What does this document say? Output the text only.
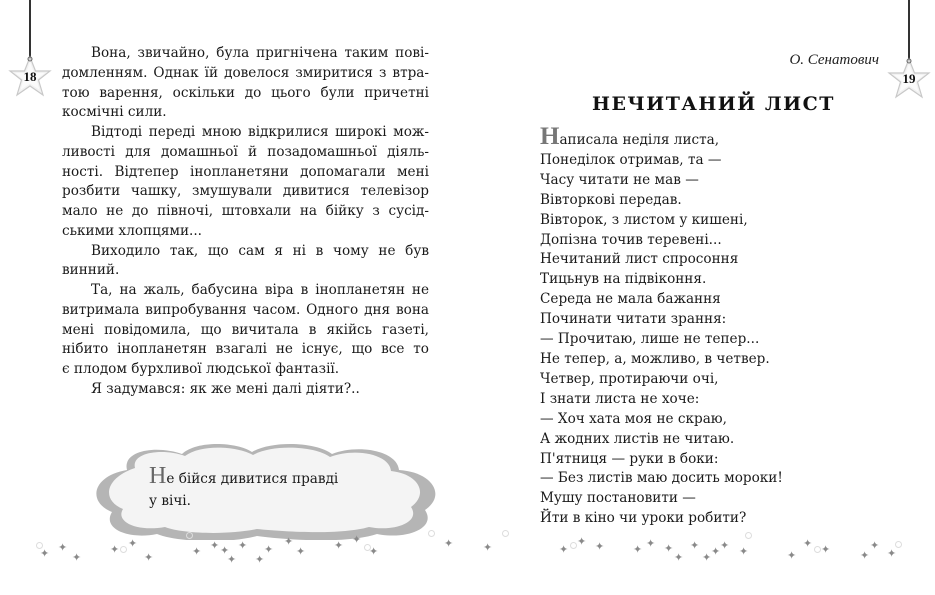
18
Вона, звичайно, була пригнічена таким пові-
домленням. Однак їй довелося змиритися з втра-
тою варення, оскільки до цього були причетні
космічні сили.
Відтоді переді мною відкрилися широкі мож-
ливості для домашньої й позадомашньої діяль-
ності. Відтепер інопланетяни допомагали мені
розбити чашку, змушували дивитися телевізор
мало не до півночі, штовхали на бійку з сусід-
ськими хлопцями...
Виходило так, що сам я ні в чому не був
винний.
Та, на жаль, бабусина віра в інопланетян не
витримала випробування часом. Одного дня вона
мені повідомила, що вичитала в якійсь газеті,
нібито інопланетян взагалі не існує, що все то
є плодом бурхливої людської фантазії.
Я задумався: як же мені далі діяти?..
Не бійся дивитися правді
у вічі.
19
О. Сенатович
НЕЧИТАНИЙ ЛИСТ
Написала неділя листа,
Понеділок отримав, та —
Часу читати не мав —
Вівторкові передав.
Вівторок, з листом у кишені,
Допізна точив теревені...
Нечитаний лист спросоння
Тицьнув на підвіконня.
Середа не мала бажання
Починати читати зрання:
— Прочитаю, лише не тепер...
Не тепер, а, можливо, в четвер.
Четвер, протираючи очі,
І знати листа не хоче:
— Хоч хата моя не скраю,
А жодних листів не читаю.
П'ятниця — руки в боки:
— Без листів маю досить мороки!
Мушу постановити —
Йти в кіно чи уроки робити?
✦ ✦
✦
✦ ✦
✦	✦ ✦ ✦
✦
✦
✦
✦
✦
✦	✦ ✦
✦
✦	✦	✦
✦ ✦	✦ ✦ ✦
✦
✦
✦ ✦ ✦ ✦	✦
✦ ✦	✦
✦
✦
